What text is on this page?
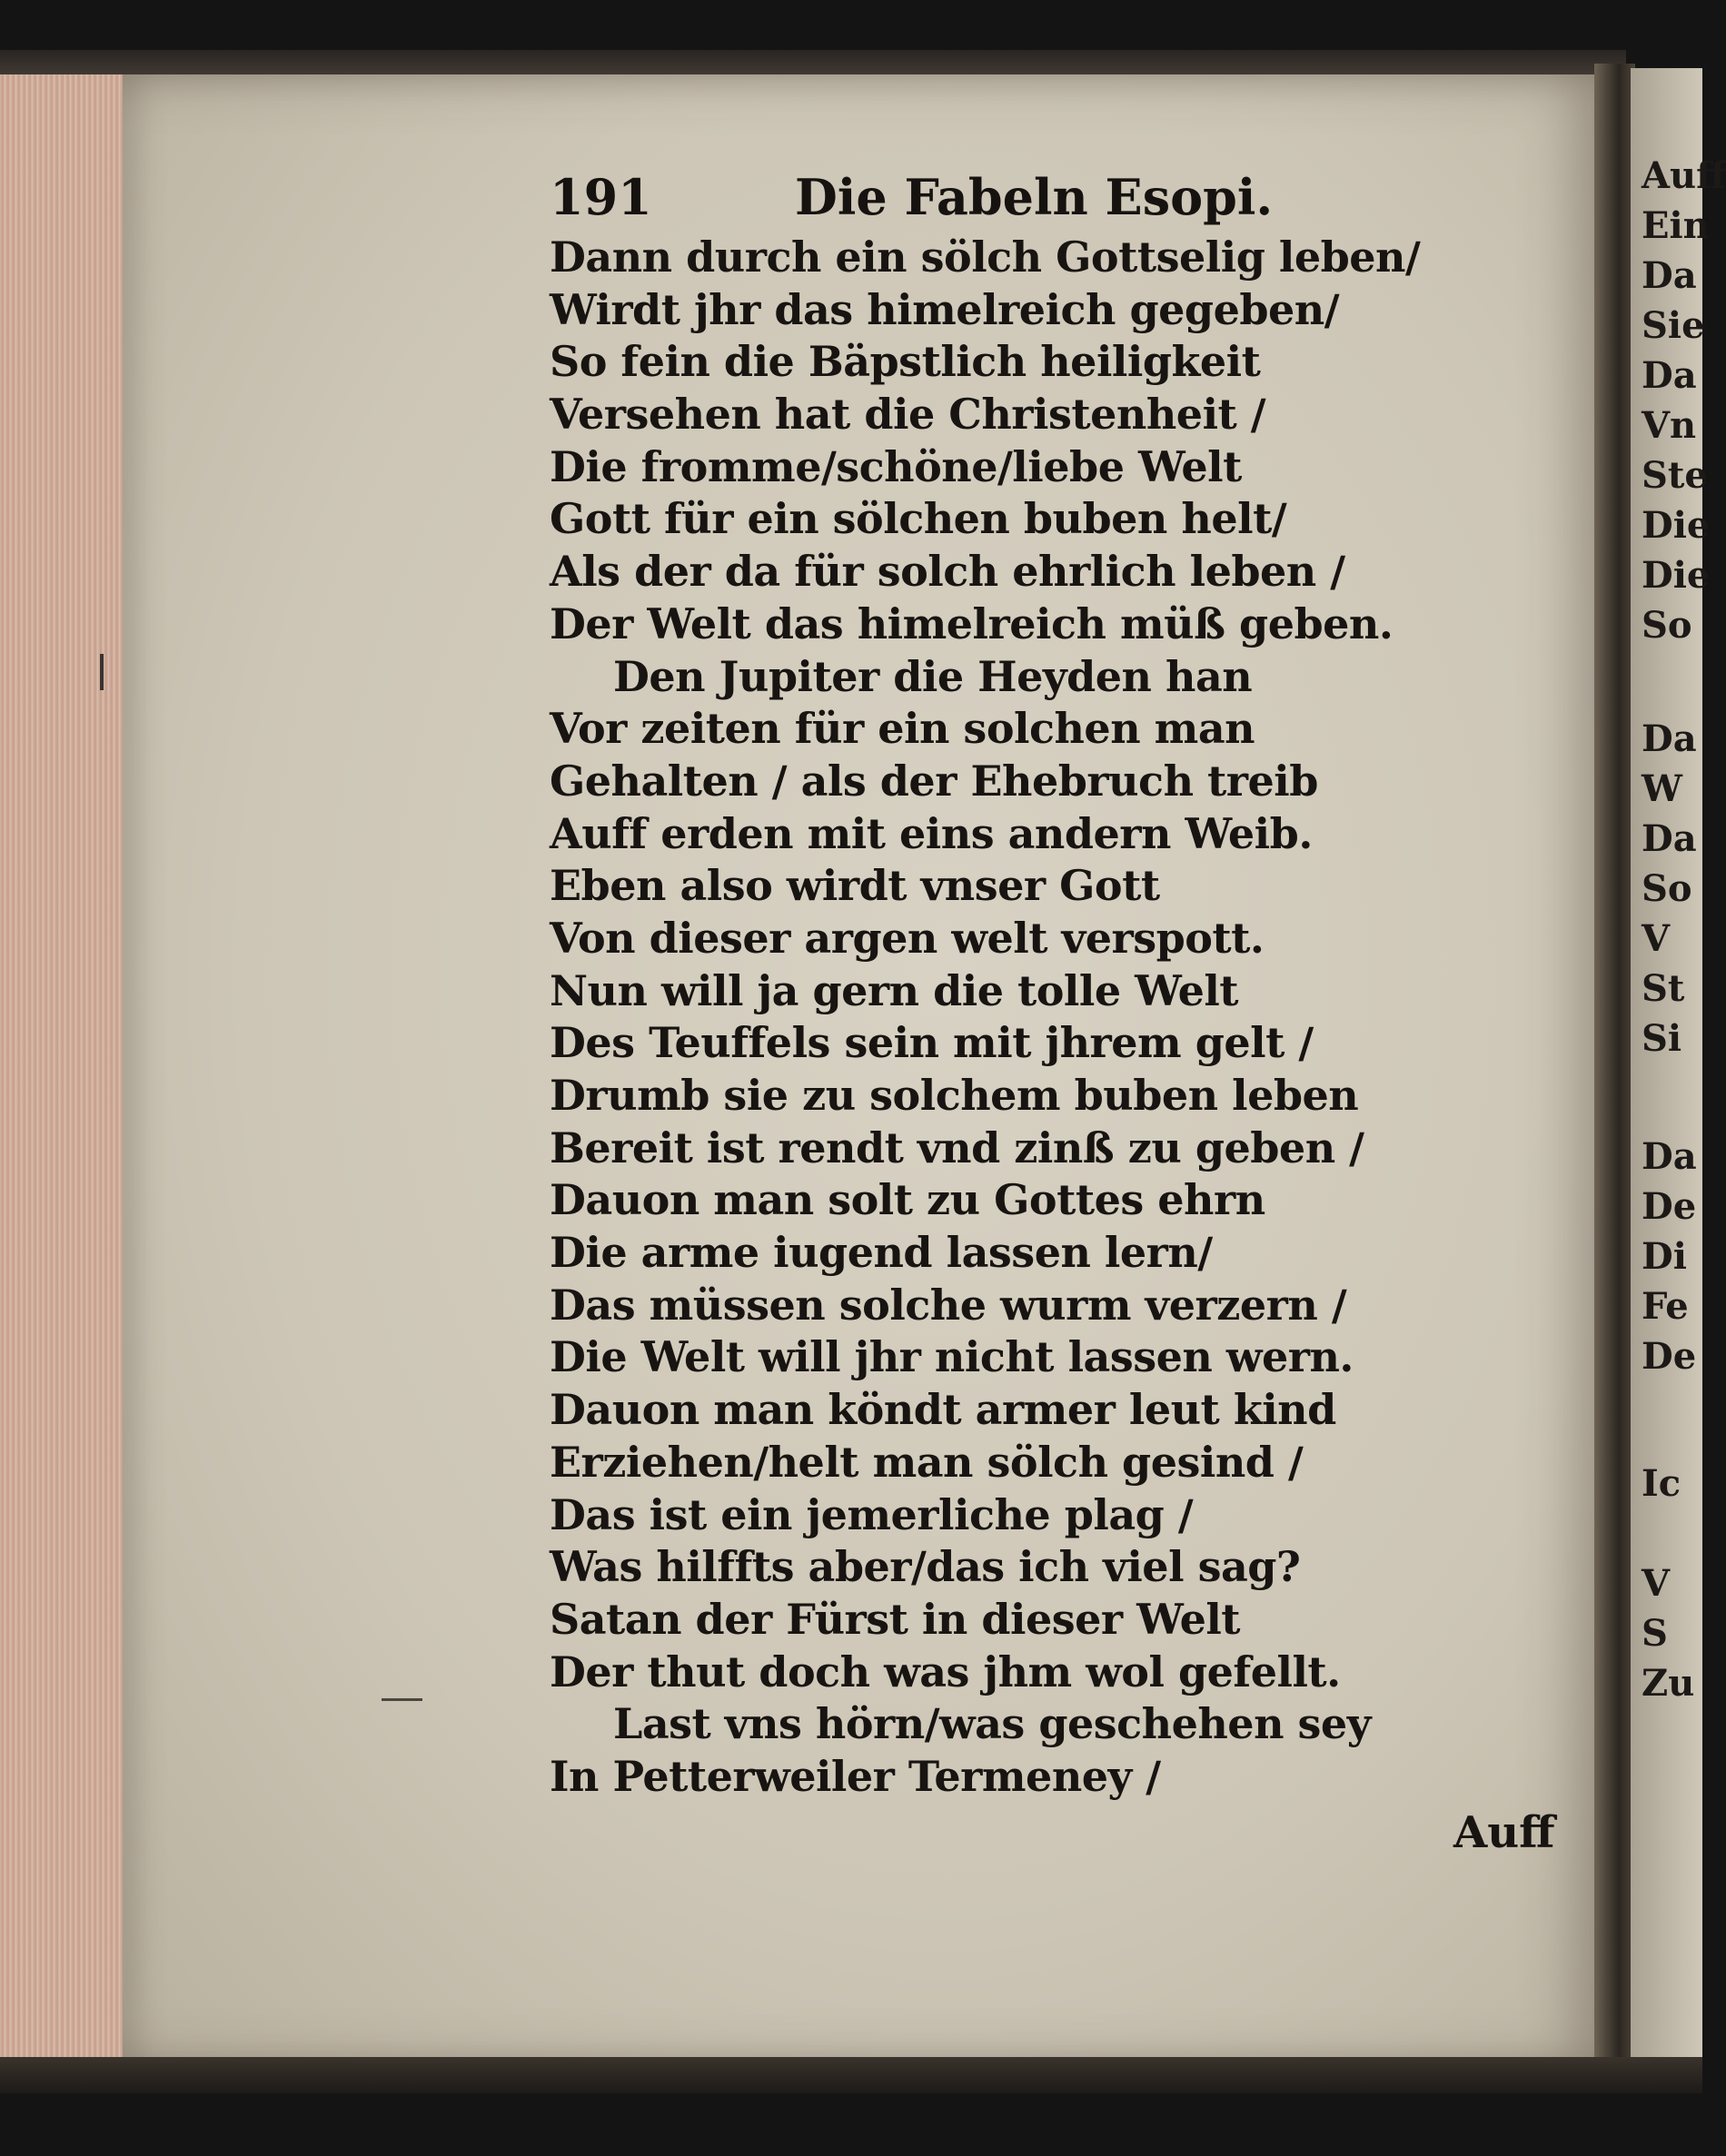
Auff
Ein
Da
Sie
Da
Vn
Ste
Die
Die
So
Da
W
Da
So
V
St
Si
Da
De
Di
Fe
De
Ic
V
S
Zu
191	Die Fabeln Esopi.
Dann durch ein sölch Gottselig leben/
Wirdt jhr das himelreich gegeben/
So fein die Bäpstlich heiligkeit
Versehen hat die Christenheit /
Die fromme/schöne/liebe Welt
Gott für ein sölchen buben helt/
Als der da für solch ehrlich leben /
Der Welt das himelreich müß geben.
Den Jupiter die Heyden han
Vor zeiten für ein solchen man
Gehalten / als der Ehebruch treib
Auff erden mit eins andern Weib.
Eben also wirdt vnser Gott
Von dieser argen welt verspott.
Nun will ja gern die tolle Welt
Des Teuffels sein mit jhrem gelt /
Drumb sie zu solchem buben leben
Bereit ist rendt vnd zinß zu geben /
Dauon man solt zu Gottes ehrn
Die arme iugend lassen lern/
Das müssen solche wurm verzern /
Die Welt will jhr nicht lassen wern.
Dauon man köndt armer leut kind
Erziehen/helt man sölch gesind /
Das ist ein jemerliche plag /
Was hilffts aber/das ich viel sag?
Satan der Fürst in dieser Welt
Der thut doch was jhm wol gefellt.
Last vns hörn/was geschehen sey
In Petterweiler Termeney /
Auff
